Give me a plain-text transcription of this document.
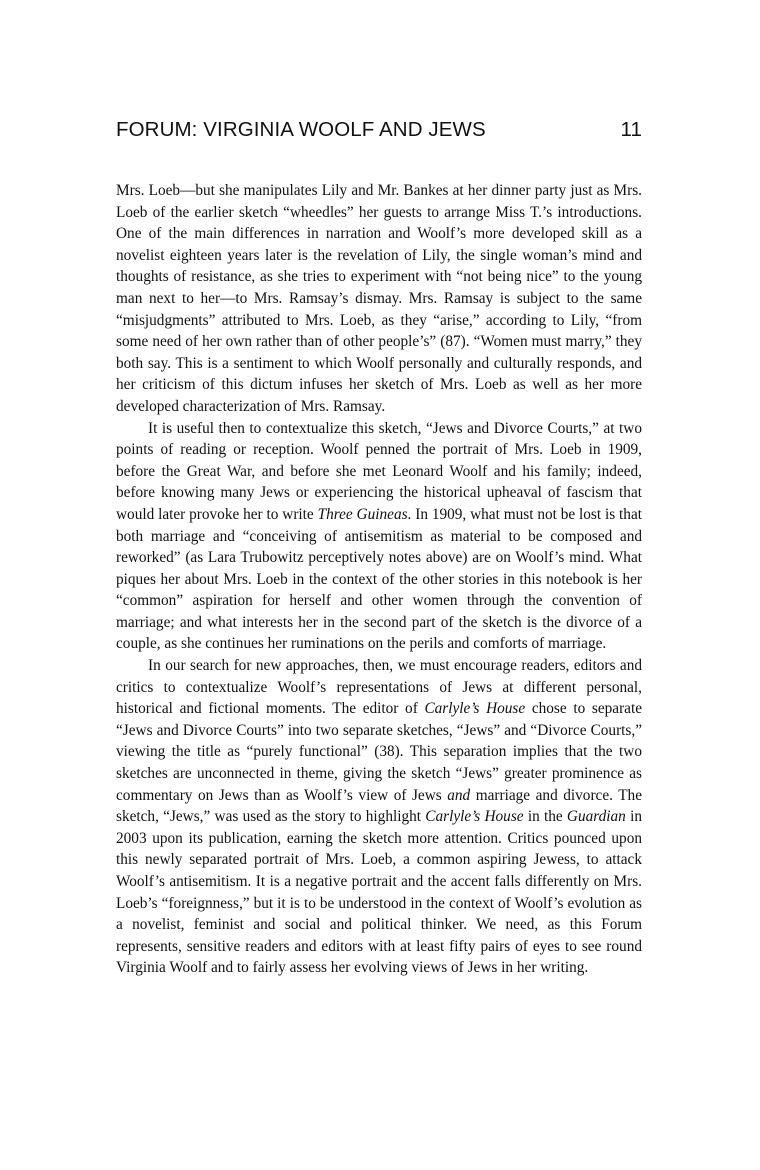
FORUM: VIRGINIA WOOLF AND JEWS	11

Mrs. Loeb—but she manipulates Lily and Mr. Bankes at her dinner party just as Mrs. Loeb of the earlier sketch “wheedles” her guests to arrange Miss T.’s introductions. One of the main differences in narration and Woolf’s more developed skill as a novelist eighteen years later is the revelation of Lily, the single woman’s mind and thoughts of resistance, as she tries to experiment with “not being nice” to the young man next to her—to Mrs. Ramsay’s dismay. Mrs. Ramsay is subject to the same “misjudgments” attributed to Mrs. Loeb, as they “arise,” according to Lily, “from some need of her own rather than of other people’s” (87). “Women must marry,” they both say. This is a sentiment to which Woolf personally and culturally responds, and her criticism of this dictum infuses her sketch of Mrs. Loeb as well as her more developed characterization of Mrs. Ramsay.

It is useful then to contextualize this sketch, “Jews and Divorce Courts,” at two points of reading or reception. Woolf penned the portrait of Mrs. Loeb in 1909, before the Great War, and before she met Leonard Woolf and his family; indeed, before knowing many Jews or experiencing the historical upheaval of fascism that would later provoke her to write Three Guineas. In 1909, what must not be lost is that both marriage and “conceiving of antisemitism as material to be composed and reworked” (as Lara Trubowitz perceptively notes above) are on Woolf’s mind. What piques her about Mrs. Loeb in the context of the other stories in this notebook is her “common” aspiration for herself and other women through the convention of marriage; and what interests her in the second part of the sketch is the divorce of a couple, as she continues her ruminations on the perils and comforts of marriage.

In our search for new approaches, then, we must encourage readers, editors and critics to contextualize Woolf’s representations of Jews at different personal, historical and fictional moments. The editor of Carlyle’s House chose to separate “Jews and Divorce Courts” into two separate sketches, “Jews” and “Divorce Courts,” viewing the title as “purely functional” (38). This separation implies that the two sketches are unconnected in theme, giving the sketch “Jews” greater prominence as commentary on Jews than as Woolf’s view of Jews and marriage and divorce. The sketch, “Jews,” was used as the story to highlight Carlyle’s House in the Guardian in 2003 upon its publication, earning the sketch more attention. Critics pounced upon this newly separated portrait of Mrs. Loeb, a common aspiring Jewess, to attack Woolf’s antisemitism. It is a negative portrait and the accent falls differently on Mrs. Loeb’s “foreignness,” but it is to be understood in the context of Woolf’s evolution as a novelist, feminist and social and political thinker. We need, as this Forum represents, sensitive readers and editors with at least fifty pairs of eyes to see round Virginia Woolf and to fairly assess her evolving views of Jews in her writing.
